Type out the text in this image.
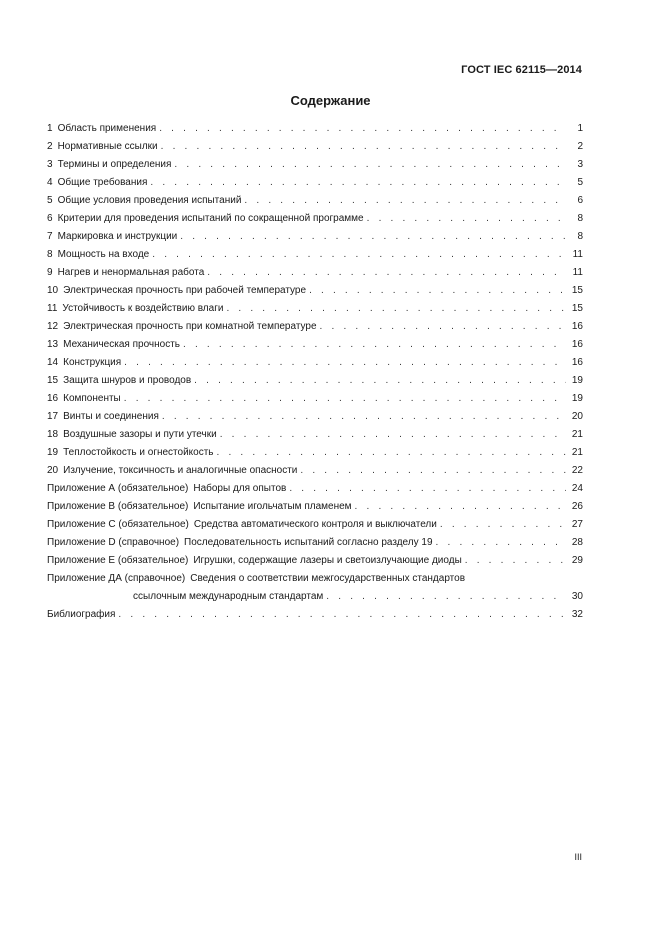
ГОСТ IEC 62115—2014
Содержание
1 Область применения . . .	1
2 Нормативные ссылки . . .	2
3 Термины и определения . . .	3
4 Общие требования . . .	5
5 Общие условия проведения испытаний . . .	6
6 Критерии для проведения испытаний по сокращенной программе . . .	8
7 Маркировка и инструкции . . .	8
8 Мощность на входе . . .	11
9 Нагрев и ненормальная работа . . .	11
10 Электрическая прочность при рабочей температуре . . .	15
11 Устойчивость к воздействию влаги . . .	15
12 Электрическая прочность при комнатной температуре . . .	16
13 Механическая прочность . . .	16
14 Конструкция . . .	16
15 Защита шнуров и проводов . . .	19
16 Компоненты . . .	19
17 Винты и соединения . . .	20
18 Воздушные зазоры и пути утечки . . .	21
19 Теплостойкость и огнестойкость . . .	21
20 Излучение, токсичность и аналогичные опасности . . .	22
Приложение А (обязательное) Наборы для опытов . . .	24
Приложение В (обязательное) Испытание игольчатым пламенем . . .	26
Приложение С (обязательное) Средства автоматического контроля и выключатели . . .	27
Приложение D (справочное) Последовательность испытаний согласно разделу 19 . . .	28
Приложение Е (обязательное) Игрушки, содержащие лазеры и светоизлучающие диоды . . .	29
Приложение ДА (справочное) Сведения о соответствии межгосударственных стандартов
ссылочным международным стандартам . . .	30
Библиография . . .	32
III
